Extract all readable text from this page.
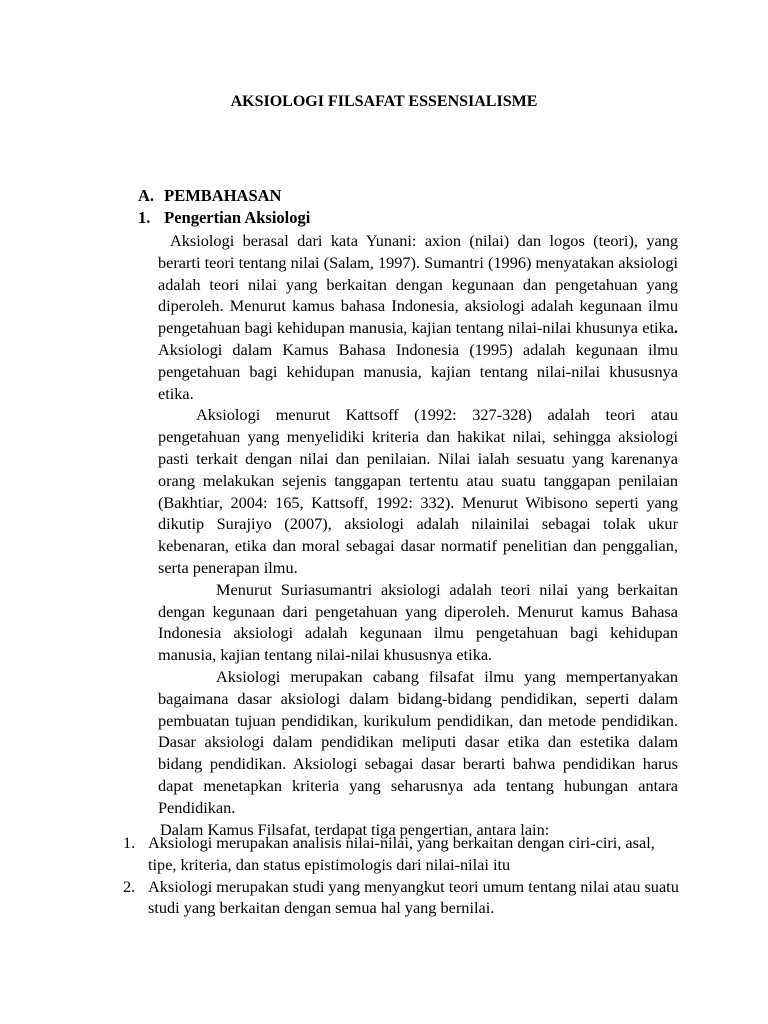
AKSIOLOGI FILSAFAT ESSENSIALISME
A. PEMBAHASAN
1. Pengertian Aksiologi

Aksiologi berasal dari kata Yunani: axion (nilai) dan logos (teori), yang berarti teori tentang nilai (Salam, 1997). Sumantri (1996) menyatakan aksiologi adalah teori nilai yang berkaitan dengan kegunaan dan pengetahuan yang diperoleh. Menurut kamus bahasa Indonesia, aksiologi adalah kegunaan ilmu pengetahuan bagi kehidupan manusia, kajian tentang nilai-nilai khusunya etika. Aksiologi dalam Kamus Bahasa Indonesia (1995) adalah kegunaan ilmu pengetahuan bagi kehidupan manusia, kajian tentang nilai-nilai khususnya etika.

Aksiologi menurut Kattsoff (1992: 327-328) adalah teori atau pengetahuan yang menyelidiki kriteria dan hakikat nilai, sehingga aksiologi pasti terkait dengan nilai dan penilaian. Nilai ialah sesuatu yang karenanya orang melakukan sejenis tanggapan tertentu atau suatu tanggapan penilaian (Bakhtiar, 2004: 165, Kattsoff, 1992: 332). Menurut Wibisono seperti yang dikutip Surajiyo (2007), aksiologi adalah nilainilai sebagai tolak ukur kebenaran, etika dan moral sebagai dasar normatif penelitian dan penggalian, serta penerapan ilmu.

Menurut Suriasumantri aksiologi adalah teori nilai yang berkaitan dengan kegunaan dari pengetahuan yang diperoleh. Menurut kamus Bahasa Indonesia aksiologi adalah kegunaan ilmu pengetahuan bagi kehidupan manusia, kajian tentang nilai-nilai khususnya etika.

Aksiologi merupakan cabang filsafat ilmu yang mempertanyakan bagaimana dasar aksiologi dalam bidang-bidang pendidikan, seperti dalam pembuatan tujuan pendidikan, kurikulum pendidikan, dan metode pendidikan. Dasar aksiologi dalam pendidikan meliputi dasar etika dan estetika dalam bidang pendidikan. Aksiologi sebagai dasar berarti bahwa pendidikan harus dapat menetapkan kriteria yang seharusnya ada tentang hubungan antara Pendidikan.

Dalam Kamus Filsafat, terdapat tiga pengertian, antara lain:

1. Aksiologi merupakan analisis nilai-nilai, yang berkaitan dengan ciri-ciri, asal, tipe, kriteria, dan status epistimologis dari nilai-nilai itu
2. Aksiologi merupakan studi yang menyangkut teori umum tentang nilai atau suatu studi yang berkaitan dengan semua hal yang bernilai.
